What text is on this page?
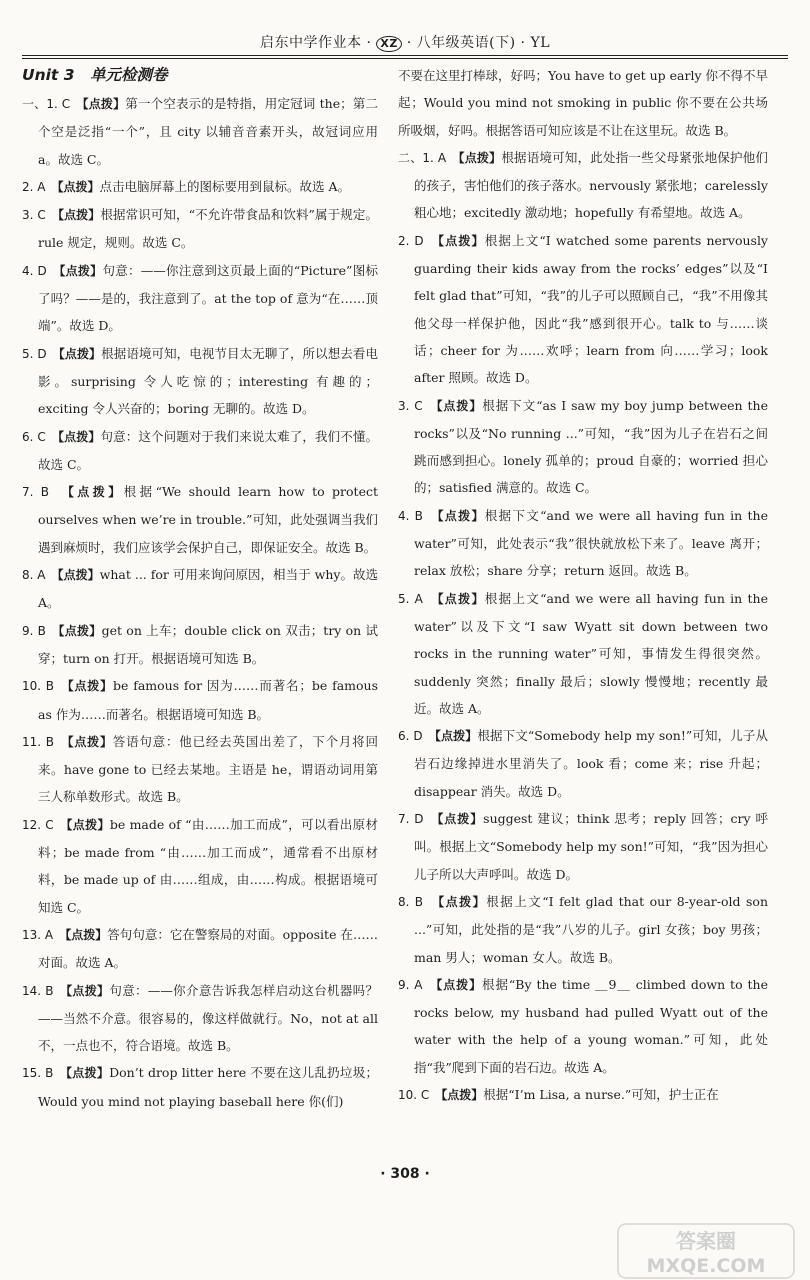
启东中学作业本 · XZ · 八年级英语(下) · YL
Unit 3　单元检测卷

一、1. C　【点拨】第一个空表示的是特指，用定冠词 the；第二个空是泛指“一个”，且 city 以辅音音素开头，故冠词应用 a。故选 C。

2. A　【点拨】点击电脑屏幕上的图标要用到鼠标。故选 A。

3. C　【点拨】根据常识可知，“不允许带食品和饮料”属于规定。rule 规定，规则。故选 C。

4. D　【点拨】句意：——你注意到这页最上面的“Picture”图标了吗？——是的，我注意到了。at the top of 意为“在……顶端”。故选 D。

5. D　【点拨】根据语境可知，电视节目太无聊了，所以想去看电影。surprising 令人吃惊的；interesting 有趣的；exciting 令人兴奋的；boring 无聊的。故选 D。

6. C　【点拨】句意：这个问题对于我们来说太难了，我们不懂。故选 C。

7. B　【点拨】根据“We should learn how to protect ourselves when we’re in trouble.”可知，此处强调当我们遇到麻烦时，我们应该学会保护自己，即保证安全。故选 B。

8. A　【点拨】what ... for 可用来询问原因，相当于 why。故选 A。

9. B　【点拨】get on 上车；double click on 双击；try on 试穿；turn on 打开。根据语境可知选 B。

10. B　【点拨】be famous for 因为……而著名；be famous as 作为……而著名。根据语境可知选 B。

11. B　【点拨】答语句意：他已经去英国出差了，下个月将回来。have gone to 已经去某地。主语是 he，谓语动词用第三人称单数形式。故选 B。

12. C　【点拨】be made of “由……加工而成”，可以看出原材料；be made from “由……加工而成”，通常看不出原材料，be made up of 由……组成，由……构成。根据语境可知选 C。

13. A　【点拨】答句句意：它在警察局的对面。opposite 在……对面。故选 A。

14. B　【点拨】句意：——你介意告诉我怎样启动这台机器吗？——当然不介意。很容易的，像这样做就行。No，not at all 不，一点也不，符合语境。故选 B。

15. B　【点拨】Don’t drop litter here 不要在这儿乱扔垃圾；Would you mind not playing baseball here 你(们)

不要在这里打棒球，好吗；You have to get up early 你不得不早起；Would you mind not smoking in public 你不要在公共场所吸烟，好吗。根据答语可知应该是不让在这里玩。故选 B。

二、1. A　【点拨】根据语境可知，此处指一些父母紧张地保护他们的孩子，害怕他们的孩子落水。nervously 紧张地；carelessly 粗心地；excitedly 激动地；hopefully 有希望地。故选 A。

2. D　【点拨】根据上文“I watched some parents nervously guarding their kids away from the rocks’ edges”以及“I felt glad that”可知，“我”的儿子可以照顾自己，“我”不用像其他父母一样保护他，因此“我”感到很开心。talk to 与……谈话；cheer for 为……欢呼；learn from 向……学习；look after 照顾。故选 D。

3. C　【点拨】根据下文“as I saw my boy jump between the rocks”以及“No running ...”可知，“我”因为儿子在岩石之间跳而感到担心。lonely 孤单的；proud 自豪的；worried 担心的；satisfied 满意的。故选 C。

4. B　【点拨】根据下文“and we were all having fun in the water”可知，此处表示“我”很快就放松下来了。leave 离开；relax 放松；share 分享；return 返回。故选 B。

5. A　【点拨】根据上文“and we were all having fun in the water”以及下文“I saw Wyatt sit down between two rocks in the running water”可知，事情发生得很突然。suddenly 突然；finally 最后；slowly 慢慢地；recently 最近。故选 A。

6. D　【点拨】根据下文“Somebody help my son!”可知，儿子从岩石边缘掉进水里消失了。look 看；come 来；rise 升起；disappear 消失。故选 D。

7. D　【点拨】suggest 建议；think 思考；reply 回答；cry 呼叫。根据上文“Somebody help my son!”可知，“我”因为担心儿子所以大声呼叫。故选 D。

8. B　【点拨】根据上文“I felt glad that our 8-year-old son ...”可知，此处指的是“我”八岁的儿子。girl 女孩；boy 男孩；man 男人；woman 女人。故选 B。

9. A　【点拨】根据“By the time ＿9＿ climbed down to the rocks below, my husband had pulled Wyatt out of the water with the help of a young woman.”可知，此处指“我”爬到下面的岩石边。故选 A。

10. C　【点拨】根据“I’m Lisa, a nurse.”可知，护士正在

· 308 ·
答案圈
MXQE.COM
